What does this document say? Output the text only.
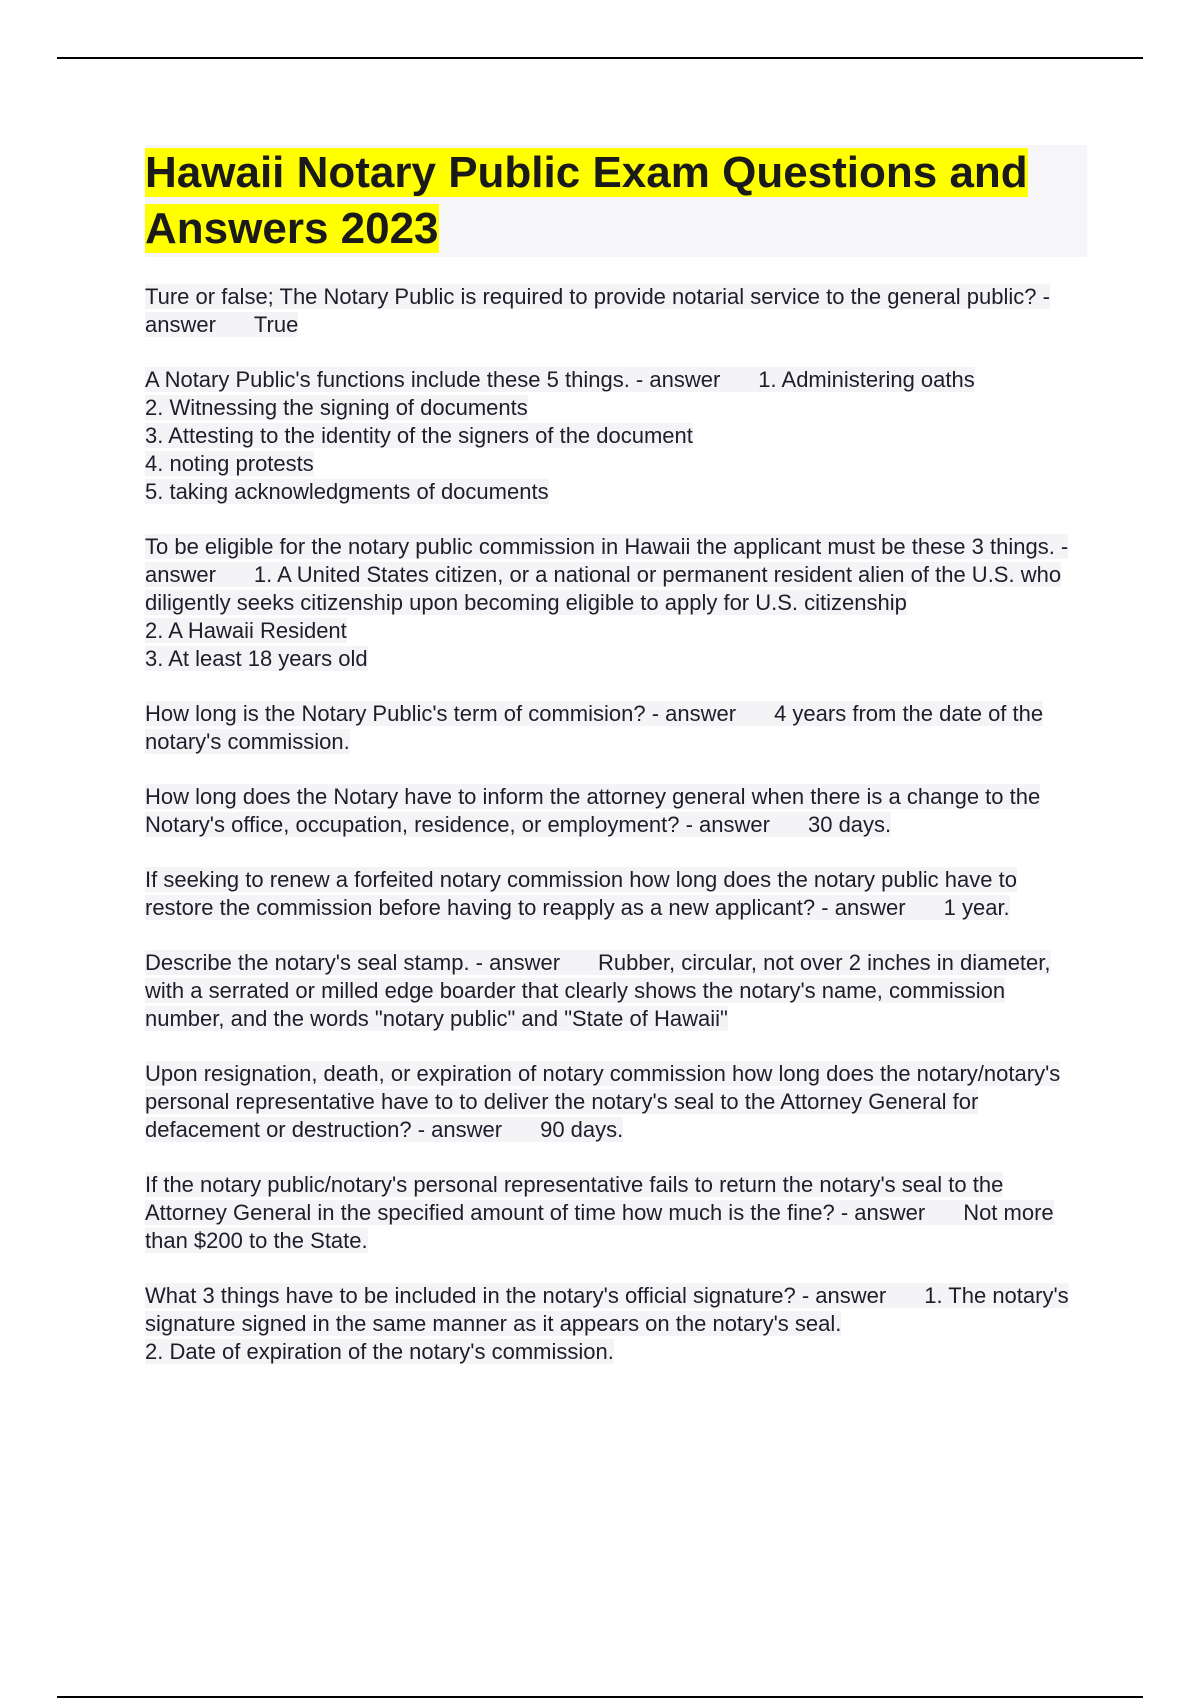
Hawaii Notary Public Exam Questions and Answers 2023

Ture or false; The Notary Public is required to provide notarial service to the general public? - answer True

A Notary Public's functions include these 5 things. - answer 1. Administering oaths
2. Witnessing the signing of documents
3. Attesting to the identity of the signers of the document
4. noting protests
5. taking acknowledgments of documents

To be eligible for the notary public commission in Hawaii the applicant must be these 3 things. - answer 1. A United States citizen, or a national or permanent resident alien of the U.S. who diligently seeks citizenship upon becoming eligible to apply for U.S. citizenship
2. A Hawaii Resident
3. At least 18 years old

How long is the Notary Public's term of commision? - answer 4 years from the date of the notary's commission.

How long does the Notary have to inform the attorney general when there is a change to the Notary's office, occupation, residence, or employment? - answer 30 days.

If seeking to renew a forfeited notary commission how long does the notary public have to restore the commission before having to reapply as a new applicant? - answer 1 year.

Describe the notary's seal stamp. - answer Rubber, circular, not over 2 inches in diameter, with a serrated or milled edge boarder that clearly shows the notary's name, commission number, and the words "notary public" and "State of Hawaii"

Upon resignation, death, or expiration of notary commission how long does the notary/notary's personal representative have to to deliver the notary's seal to the Attorney General for defacement or destruction? - answer 90 days.

If the notary public/notary's personal representative fails to return the notary's seal to the Attorney General in the specified amount of time how much is the fine? - answer Not more than $200 to the State.

What 3 things have to be included in the notary's official signature? - answer 1. The notary's signature signed in the same manner as it appears on the notary's seal.
2. Date of expiration of the notary's commission.
